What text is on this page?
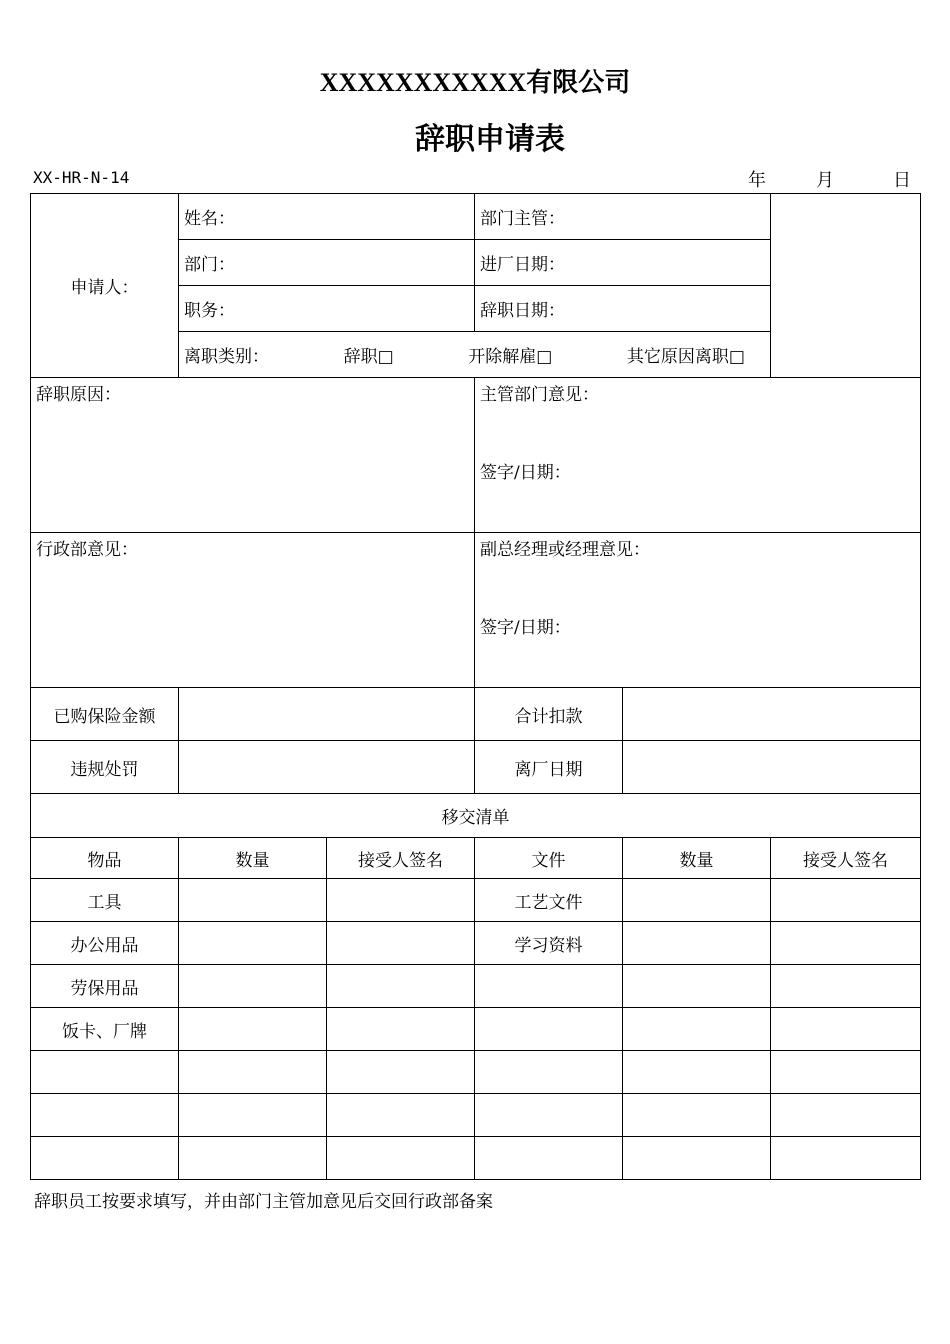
XXXXXXXXXXX有限公司
辞职申请表
XX-HR-N-14	年	月	日
申请人：	姓名：		部门主管：		
	部门：		进厂日期：		
	职务：		辞职日期：		

	离职类别： 辞职□ 开除解雇□ 其它原因离职□				

辞职原因：			主管部门意见：
签字/日期：		

行政部意见：			副总经理或经理意见：
签字/日期：		

已购保险金额			合计扣款		
违规处罚			离厂日期		
移交清单					
物品	数量	接受人签名	文件	数量	接受人签名
工具			工艺文件		
办公用品			学习资料		
劳保用品					
饭卡、厂牌					

辞职员工按要求填写，并由部门主管加意见后交回行政部备案
